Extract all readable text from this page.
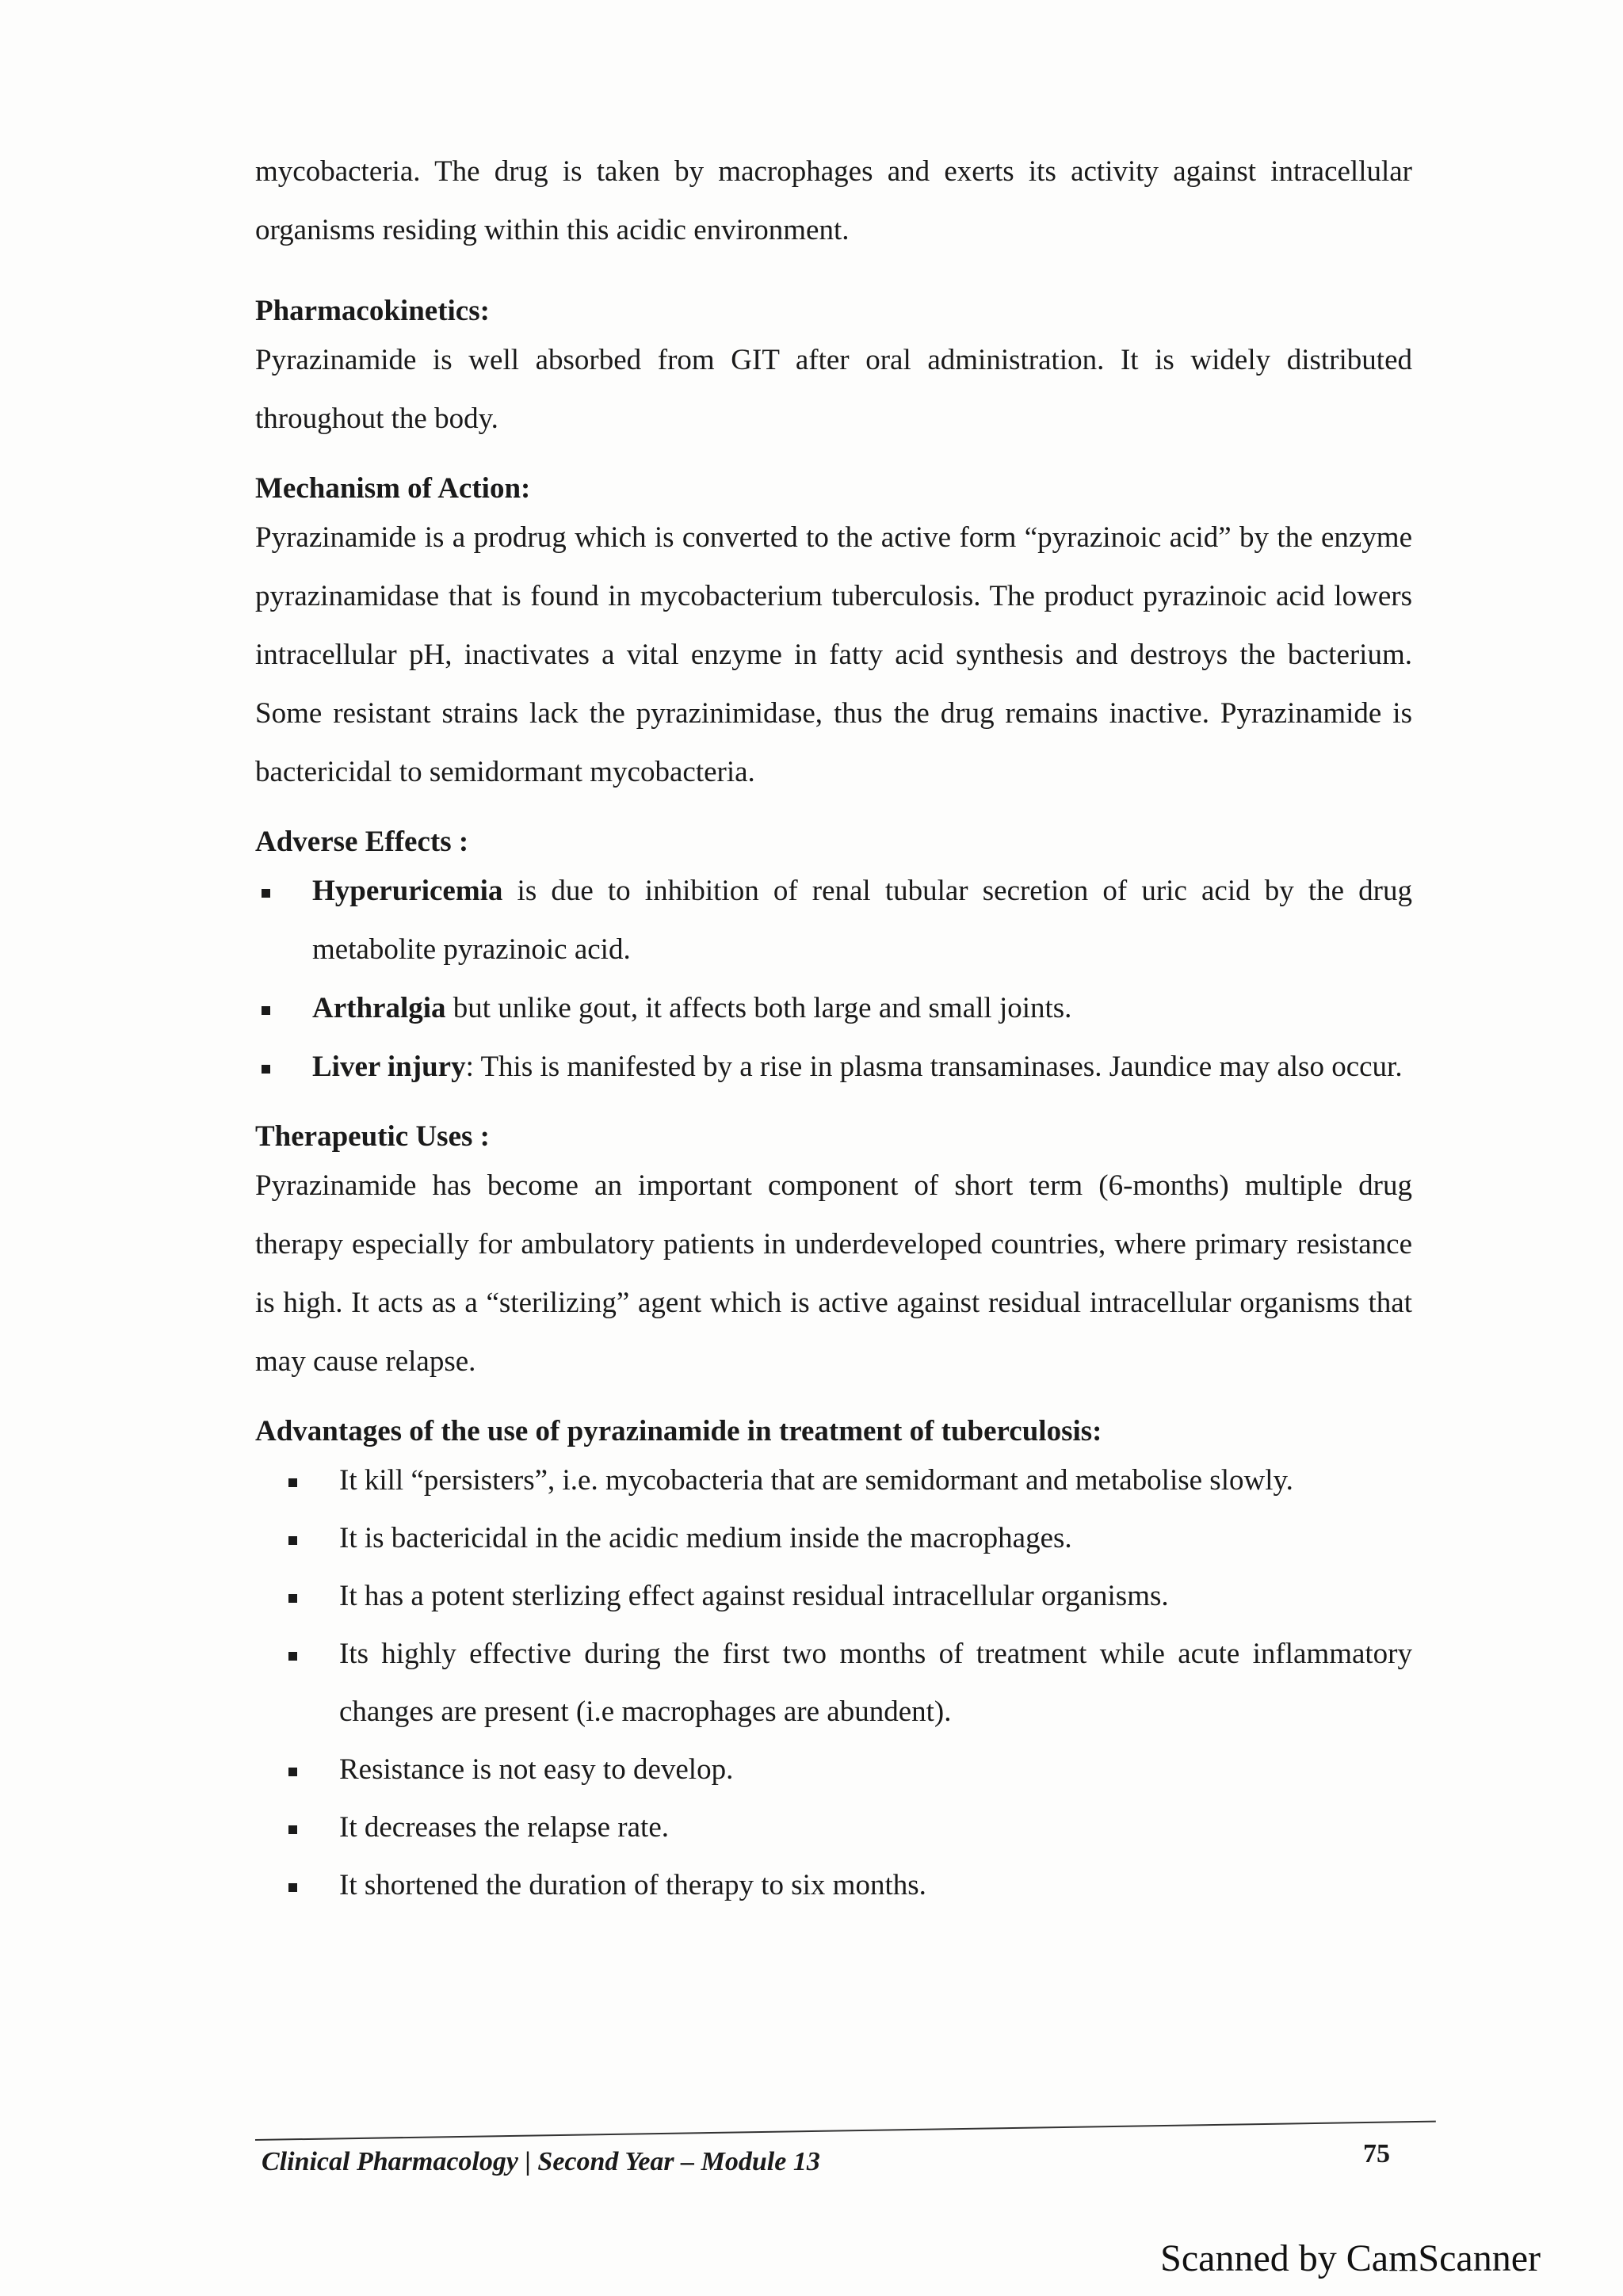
mycobacteria. The drug is taken by macrophages and exerts its activity against intracellular organisms residing within this acidic environment.

Pharmacokinetics:

Pyrazinamide is well absorbed from GIT after oral administration. It is widely distributed throughout the body.

Mechanism of Action:

Pyrazinamide is a prodrug which is converted to the active form “pyrazinoic acid” by the enzyme pyrazinamidase that is found in mycobacterium tuberculosis. The product pyrazinoic acid lowers intracellular pH, inactivates a vital enzyme in fatty acid synthesis and destroys the bacterium. Some resistant strains lack the pyrazinimidase, thus the drug remains inactive. Pyrazinamide is bactericidal to semidormant mycobacteria.

Adverse Effects :

Hyperuricemia is due to inhibition of renal tubular secretion of uric acid by the drug metabolite pyrazinoic acid.
Arthralgia but unlike gout, it affects both large and small joints.
Liver injury: This is manifested by a rise in plasma transaminases. Jaundice may also occur.

Therapeutic Uses :

Pyrazinamide has become an important component of short term (6-months) multiple drug therapy especially for ambulatory patients in underdeveloped countries, where primary resistance is high. It acts as a “sterilizing” agent which is active against residual intracellular organisms that may cause relapse.

Advantages of the use of pyrazinamide in treatment of tuberculosis:

It kill “persisters”, i.e. mycobacteria that are semidormant and metabolise slowly.
It is bactericidal in the acidic medium inside the macrophages.
It has a potent sterlizing effect against residual intracellular organisms.
Its highly effective during the first two months of treatment while acute inflammatory changes are present (i.e macrophages are abundent).
Resistance is not easy to develop.
It decreases the relapse rate.
It shortened the duration of therapy to six months.
Clinical Pharmacology | Second Year – Module 13	75
Scanned by CamScanner
